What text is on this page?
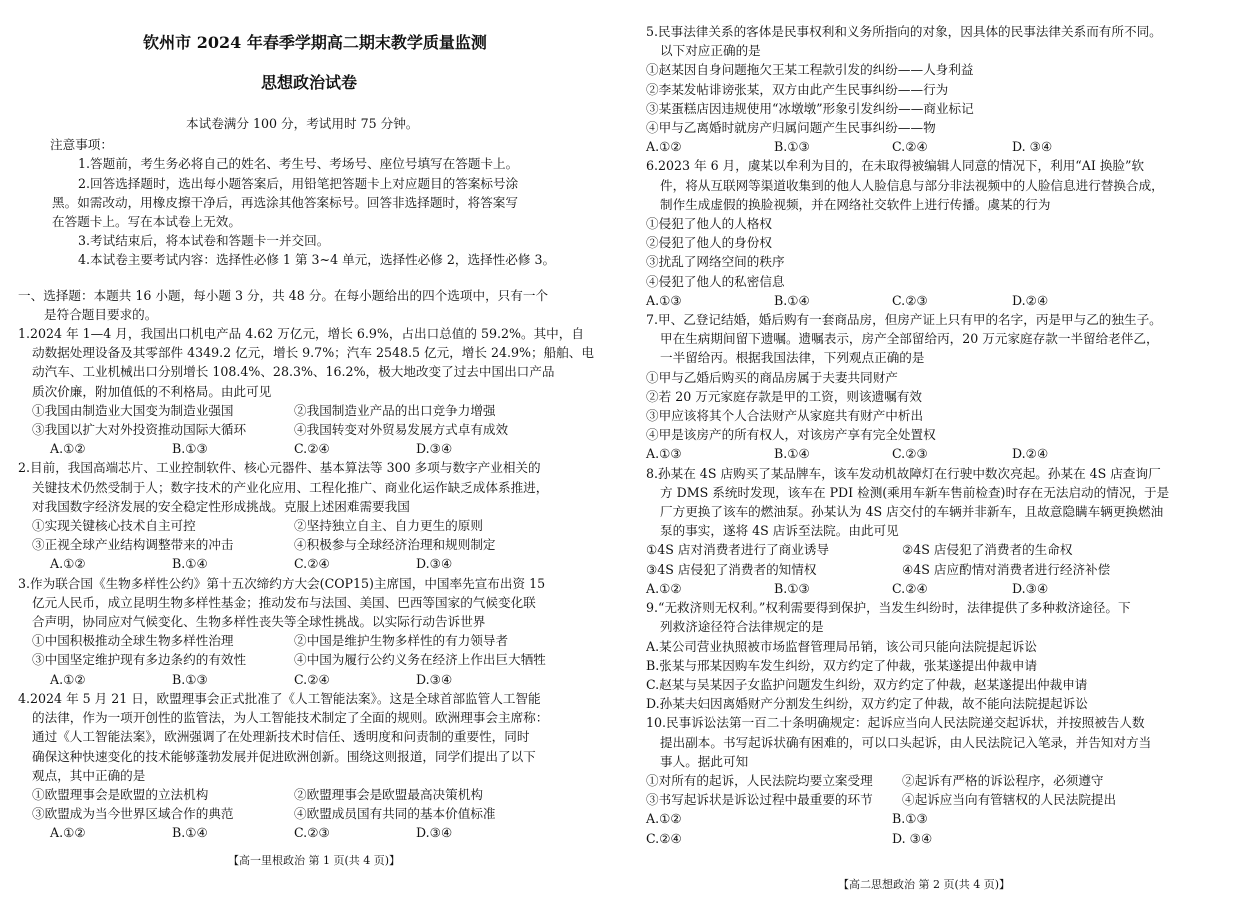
钦州市 2024 年春季学期高二期末教学质量监测
思想政治试卷
本试卷满分 100 分，考试用时 75 分钟。
注意事项：
1.答题前，考生务必将自己的姓名、考生号、考场号、座位号填写在答题卡上。
2.回答选择题时，选出每小题答案后，用铅笔把答题卡上对应题目的答案标号涂
黑。如需改动，用橡皮擦干净后，再选涂其他答案标号。回答非选择题时，将答案写
在答题卡上。写在本试卷上无效。
3.考试结束后，将本试卷和答题卡一并交回。
4.本试卷主要考试内容：选择性必修 1 第 3~4 单元，选择性必修 2，选择性必修 3。
一、选择题：本题共 16 小题，每小题 3 分，共 48 分。在每小题给出的四个选项中，只有一个
是符合题目要求的。
1.2024 年 1—4 月，我国出口机电产品 4.62 万亿元，增长 6.9%，占出口总值的 59.2%。其中，自
动数据处理设备及其零部件 4349.2 亿元，增长 9.7%；汽车 2548.5 亿元，增长 24.9%；船舶、电
动汽车、工业机械出口分别增长 108.4%、28.3%、16.2%，极大地改变了过去中国出口产品
质次价廉，附加值低的不利格局。由此可见
①我国由制造业大国变为制造业强国	②我国制造业产品的出口竞争力增强
③我国以扩大对外投资推动国际大循环	④我国转变对外贸易发展方式卓有成效
A.①②	B.①③	C.②④	D.③④
2.目前，我国高端芯片、工业控制软件、核心元器件、基本算法等 300 多项与数字产业相关的
关键技术仍然受制于人；数字技术的产业化应用、工程化推广、商业化运作缺乏成体系推进，
对我国数字经济发展的安全稳定性形成挑战。克服上述困难需要我国
①实现关键核心技术自主可控	②坚持独立自主、自力更生的原则
③正视全球产业结构调整带来的冲击	④积极参与全球经济治理和规则制定
A.①②	B.①④	C.②④	D.③④
3.作为联合国《生物多样性公约》第十五次缔约方大会(COP15)主席国，中国率先宣布出资 15
亿元人民币，成立昆明生物多样性基金；推动发布与法国、美国、巴西等国家的气候变化联
合声明，协同应对气候变化、生物多样性丧失等全球性挑战。以实际行动告诉世界
①中国积极推动全球生物多样性治理	②中国是维护生物多样性的有力领导者
③中国坚定维护现有多边条约的有效性	④中国为履行公约义务在经济上作出巨大牺牲
A.①②	B.①③	C.②④	D.③④
4.2024 年 5 月 21 日，欧盟理事会正式批准了《人工智能法案》。这是全球首部监管人工智能
的法律，作为一项开创性的监管法，为人工智能技术制定了全面的规则。欧洲理事会主席称：
通过《人工智能法案》，欧洲强调了在处理新技术时信任、透明度和问责制的重要性，同时
确保这种快速变化的技术能够蓬勃发展并促进欧洲创新。围绕这则报道，同学们提出了以下
观点，其中正确的是
①欧盟理事会是欧盟的立法机构	②欧盟理事会是欧盟最高决策机构
③欧盟成为当今世界区域合作的典范	④欧盟成员国有共同的基本价值标准
A.①②	B.①④	C.②③	D.③④
【高一里根政治 第 1 页(共 4 页)】
5.民事法律关系的客体是民事权利和义务所指向的对象，因具体的民事法律关系而有所不同。
以下对应正确的是
①赵某因自身问题拖欠王某工程款引发的纠纷——人身利益
②李某发帖诽谤张某，双方由此产生民事纠纷——行为
③某蛋糕店因违规使用“冰墩墩”形象引发纠纷——商业标记
④甲与乙离婚时就房产归属问题产生民事纠纷——物
A.①②	B.①③	C.②④	D. ③④
6.2023 年 6 月，虞某以牟利为目的，在未取得被编辑人同意的情况下，利用“AI 换脸”软
件，将从互联网等渠道收集到的他人人脸信息与部分非法视频中的人脸信息进行替换合成，
制作生成虚假的换脸视频，并在网络社交软件上进行传播。虞某的行为
①侵犯了他人的人格权
②侵犯了他人的身份权
③扰乱了网络空间的秩序
④侵犯了他人的私密信息
A.①③	B.①④	C.②③	D.②④
7.甲、乙登记结婚，婚后购有一套商品房，但房产证上只有甲的名字，丙是甲与乙的独生子。
甲在生病期间留下遗嘱。遗嘱表示，房产全部留给丙，20 万元家庭存款一半留给老伴乙，
一半留给丙。根据我国法律，下列观点正确的是
①甲与乙婚后购买的商品房属于夫妻共同财产
②若 20 万元家庭存款是甲的工资，则该遗嘱有效
③甲应该将其个人合法财产从家庭共有财产中析出
④甲是该房产的所有权人，对该房产享有完全处置权
A.①③	B.①④	C.②③	D.②④
8.孙某在 4S 店购买了某品牌车，该车发动机故障灯在行驶中数次亮起。孙某在 4S 店查询厂
方 DMS 系统时发现，该车在 PDI 检测(乘用车新车售前检查)时存在无法启动的情况，于是
厂方更换了该车的燃油泵。孙某认为 4S 店交付的车辆并非新车，且故意隐瞒车辆更换燃油
泵的事实，遂将 4S 店诉至法院。由此可见
①4S 店对消费者进行了商业诱导	②4S 店侵犯了消费者的生命权
③4S 店侵犯了消费者的知情权	④4S 店应酌情对消费者进行经济补偿
A.①②	B.①③	C.②④	D.③④
9.“无救济则无权利。”权利需要得到保护，当发生纠纷时，法律提供了多种救济途径。下
列救济途径符合法律规定的是
A.某公司营业执照被市场监督管理局吊销，该公司只能向法院提起诉讼
B.张某与邢某因购车发生纠纷，双方约定了仲裁，张某遂提出仲裁申请
C.赵某与吴某因子女监护问题发生纠纷，双方约定了仲裁，赵某遂提出仲裁申请
D.孙某夫妇因离婚财产分割发生纠纷，双方约定了仲裁，故不能向法院提起诉讼
10.民事诉讼法第一百二十条明确规定：起诉应当向人民法院递交起诉状，并按照被告人数
提出副本。书写起诉状确有困难的，可以口头起诉，由人民法院记入笔录，并告知对方当
事人。据此可知
①对所有的起诉，人民法院均要立案受理	②起诉有严格的诉讼程序，必须遵守
③书写起诉状是诉讼过程中最重要的环节	④起诉应当向有管辖权的人民法院提出
A.①②	B.①③
C.②④	D. ③④
【高二思想政治 第 2 页(共 4 页)】
